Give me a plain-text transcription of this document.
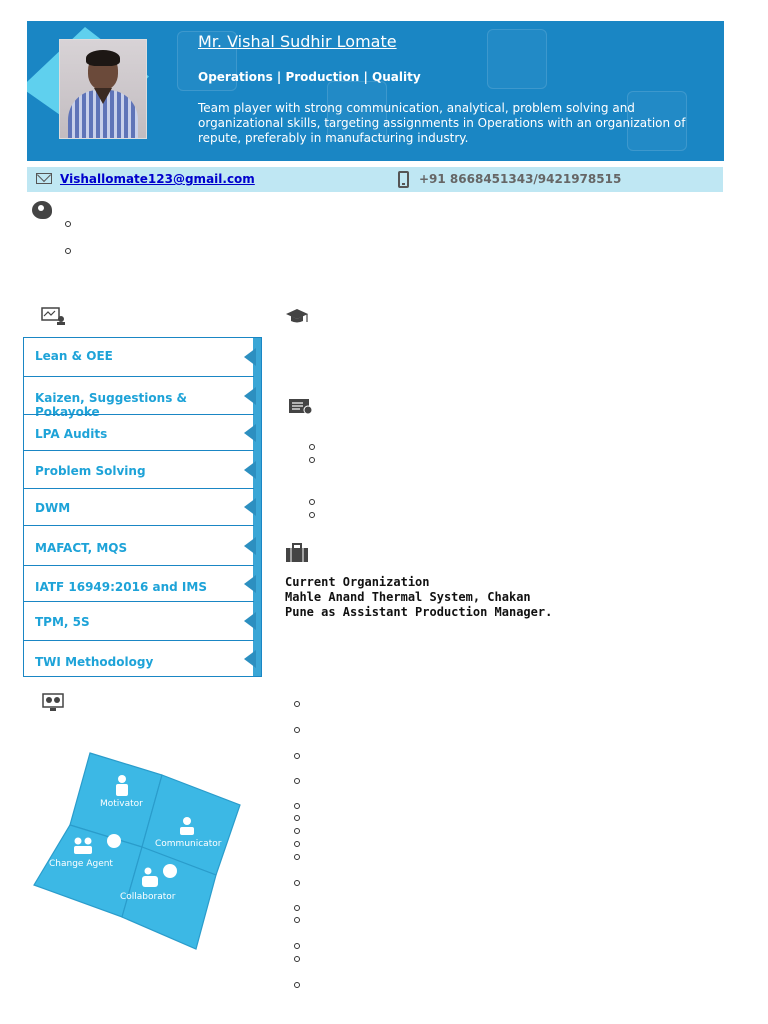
Mr. Vishal Sudhir Lomate
Operations | Production | Quality
Team player with strong communication, analytical, problem solving and organizational skills, targeting assignments in Operations with an organization of repute, preferably in manufacturing industry.
Vishallomate123@gmail.com	+91 8668451343/9421978515
Lean & OEE
Kaizen, Suggestions & Pokayoke
LPA Audits
Problem Solving
DWM
MAFACT, MQS
IATF 16949:2016 and IMS
TPM, 5S
TWI Methodology
Current Organization
Mahle Anand Thermal System, Chakan
Pune as Assistant Production Manager.
Motivator
Communicator
Change Agent
Collaborator
